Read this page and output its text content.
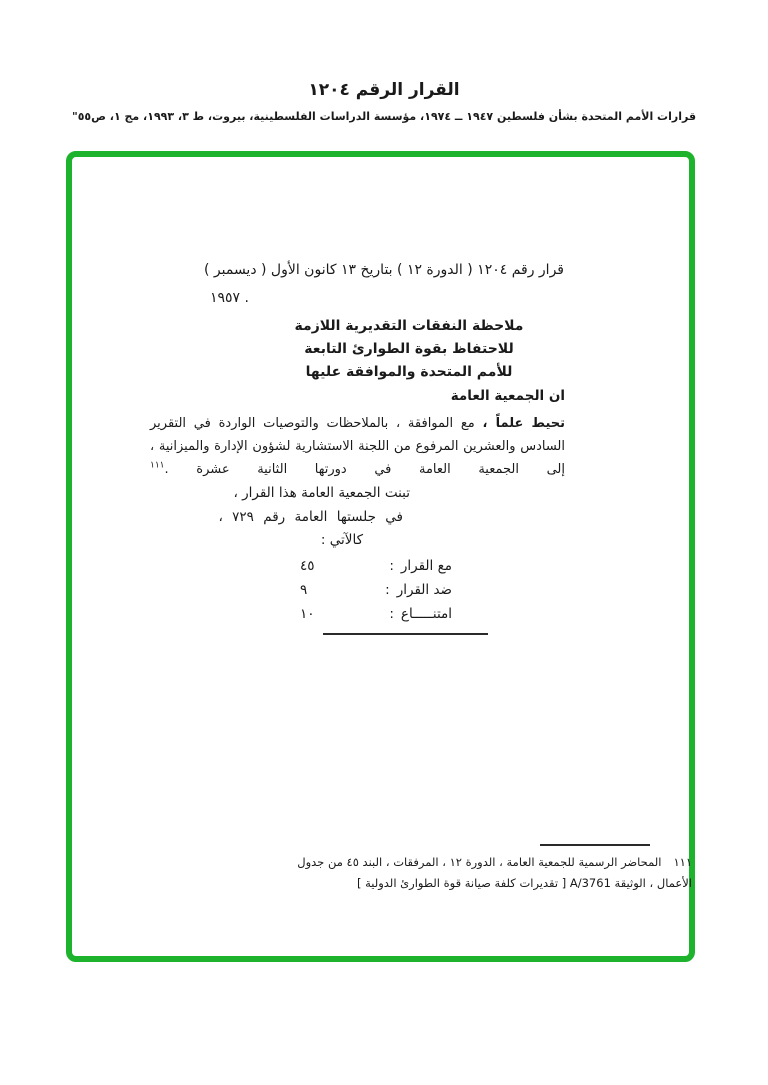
القرار الرقم ١٢٠٤
قرارات الأمم المتحدة بشأن فلسطين ١٩٤٧ ــ ١٩٧٤، مؤسسة الدراسات الفلسطينية، بيروت، ط ٣، ١٩٩٣، مج ١، ص٥٥"
قرار رقم ١٢٠٤ ( الدورة ١٢ ) بتاريخ ١٣ كانون الأول ( ديسمبر )
١٩٥٧ .
ملاحظة النفقات التقديرية اللازمة
للاحتفاظ بقوة الطوارئ التابعة
للأمم المتحدة والموافقة عليها
ان الجمعية العامة
تحيط علماً ، مع الموافقة ، بالملاحظات والتوصيات الواردة في التقرير السادس والعشرين المرفوع من اللجنة الاستشارية لشؤون الإدارة والميزانية ، إلى الجمعية العامة في دورتها الثانية عشرة .$^{١١١}$
تبنت الجمعية العامة هذا القرار ،
في جلستها العامة رقم ٧٢٩ ،
كالآتي :
مع القرار
:
٤٥
ضد القرار
:
٩
امتنـــــاع
:
١٠
١١١
المحاضر الرسمية للجمعية العامة ، الدورة ١٢ ، المرفقات ، البند ٤٥ من جدول
الأعمال ، الوثيقة A/3761 [ تقديرات كلفة صيانة قوة الطوارئ الدولية ]
